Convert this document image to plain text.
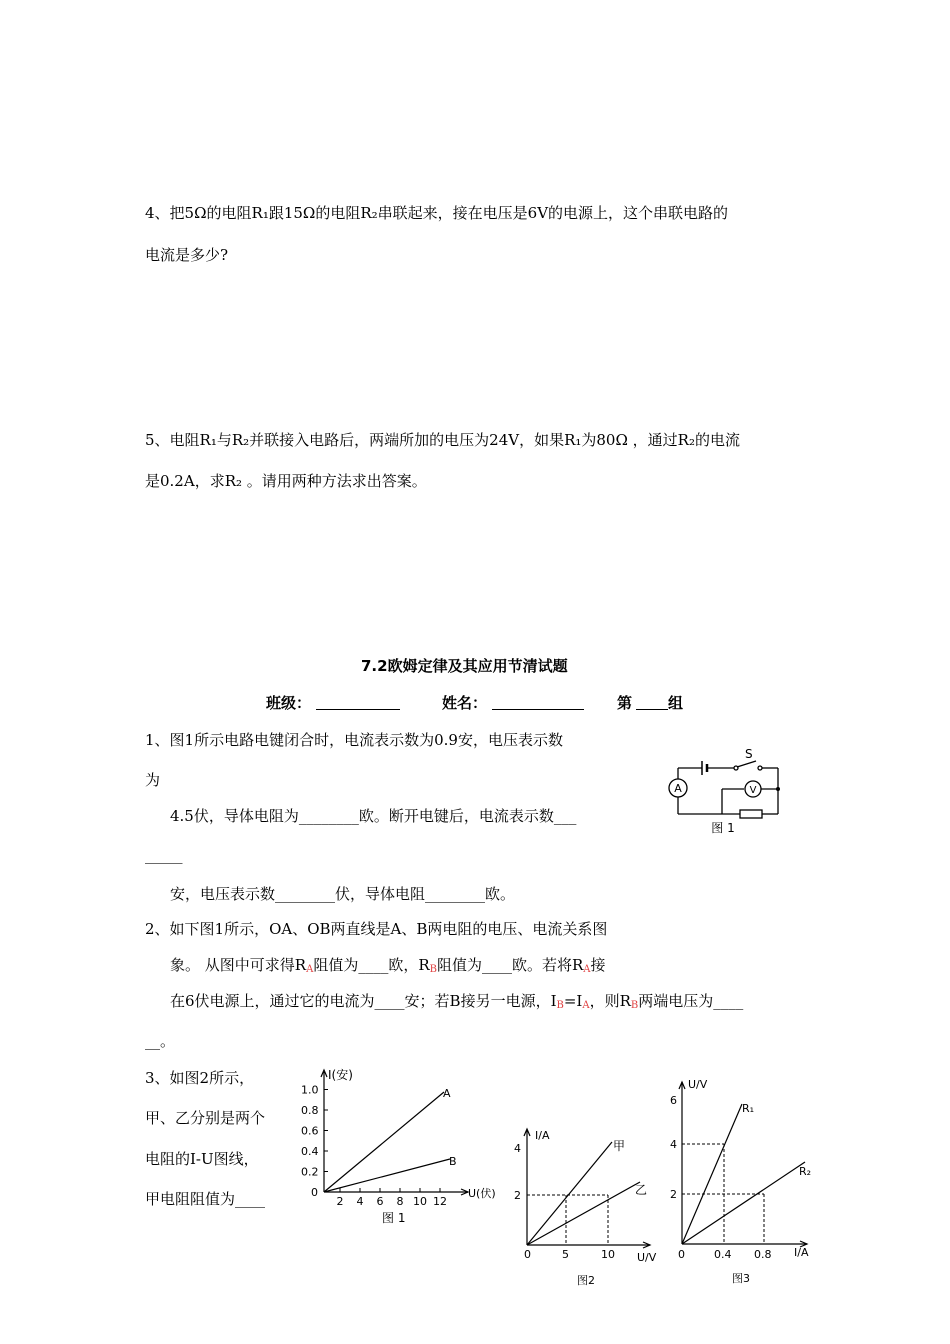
4、把5Ω的电阻R₁跟15Ω的电阻R₂串联起来，接在电压是6V的电源上，这个串联电路的
电流是多少?
5、电阻R₁与R₂并联接入电路后，两端所加的电压为24V，如果R₁为80Ω ，通过R₂的电流
是0.2A，求R₂ 。请用两种方法求出答案。
7.2欧姆定律及其应用节清试题
班级：	姓名：	第 组
1、图1所示电路电键闭合时，电流表示数为0.9安，电压表示数
为
4.5伏，导体电阻为________欧。断开电键后，电流表示数___
_____
安，电压表示数________伏，导体电阻________欧。
A	V
S
图 1
2、如下图1所示，OA、OB两直线是A、B两电阻的电压、电流关系图
象。 从图中可求得$R_A$阻值为____欧，$R_B$阻值为____欧。若将$R_A$接
在6伏电源上，通过它的电流为____安；若B接另一电源，$I_B=I_A$，则$R_B$两端电压为____
__。
3、如图2所示，
甲、乙分别是两个
电阻的I-U图线，
甲电阻阻值为____
1.0
0.8
0.6
0.4
0.2
2 4 6 8 10 12
I(安)
U(伏)
0
A
B
图 1
I/A
U/V
4
2
5	10
0
甲
乙
图2
U/V
I/A
6
4
2
0.4 0.8
0
R₁
R₂
图3
